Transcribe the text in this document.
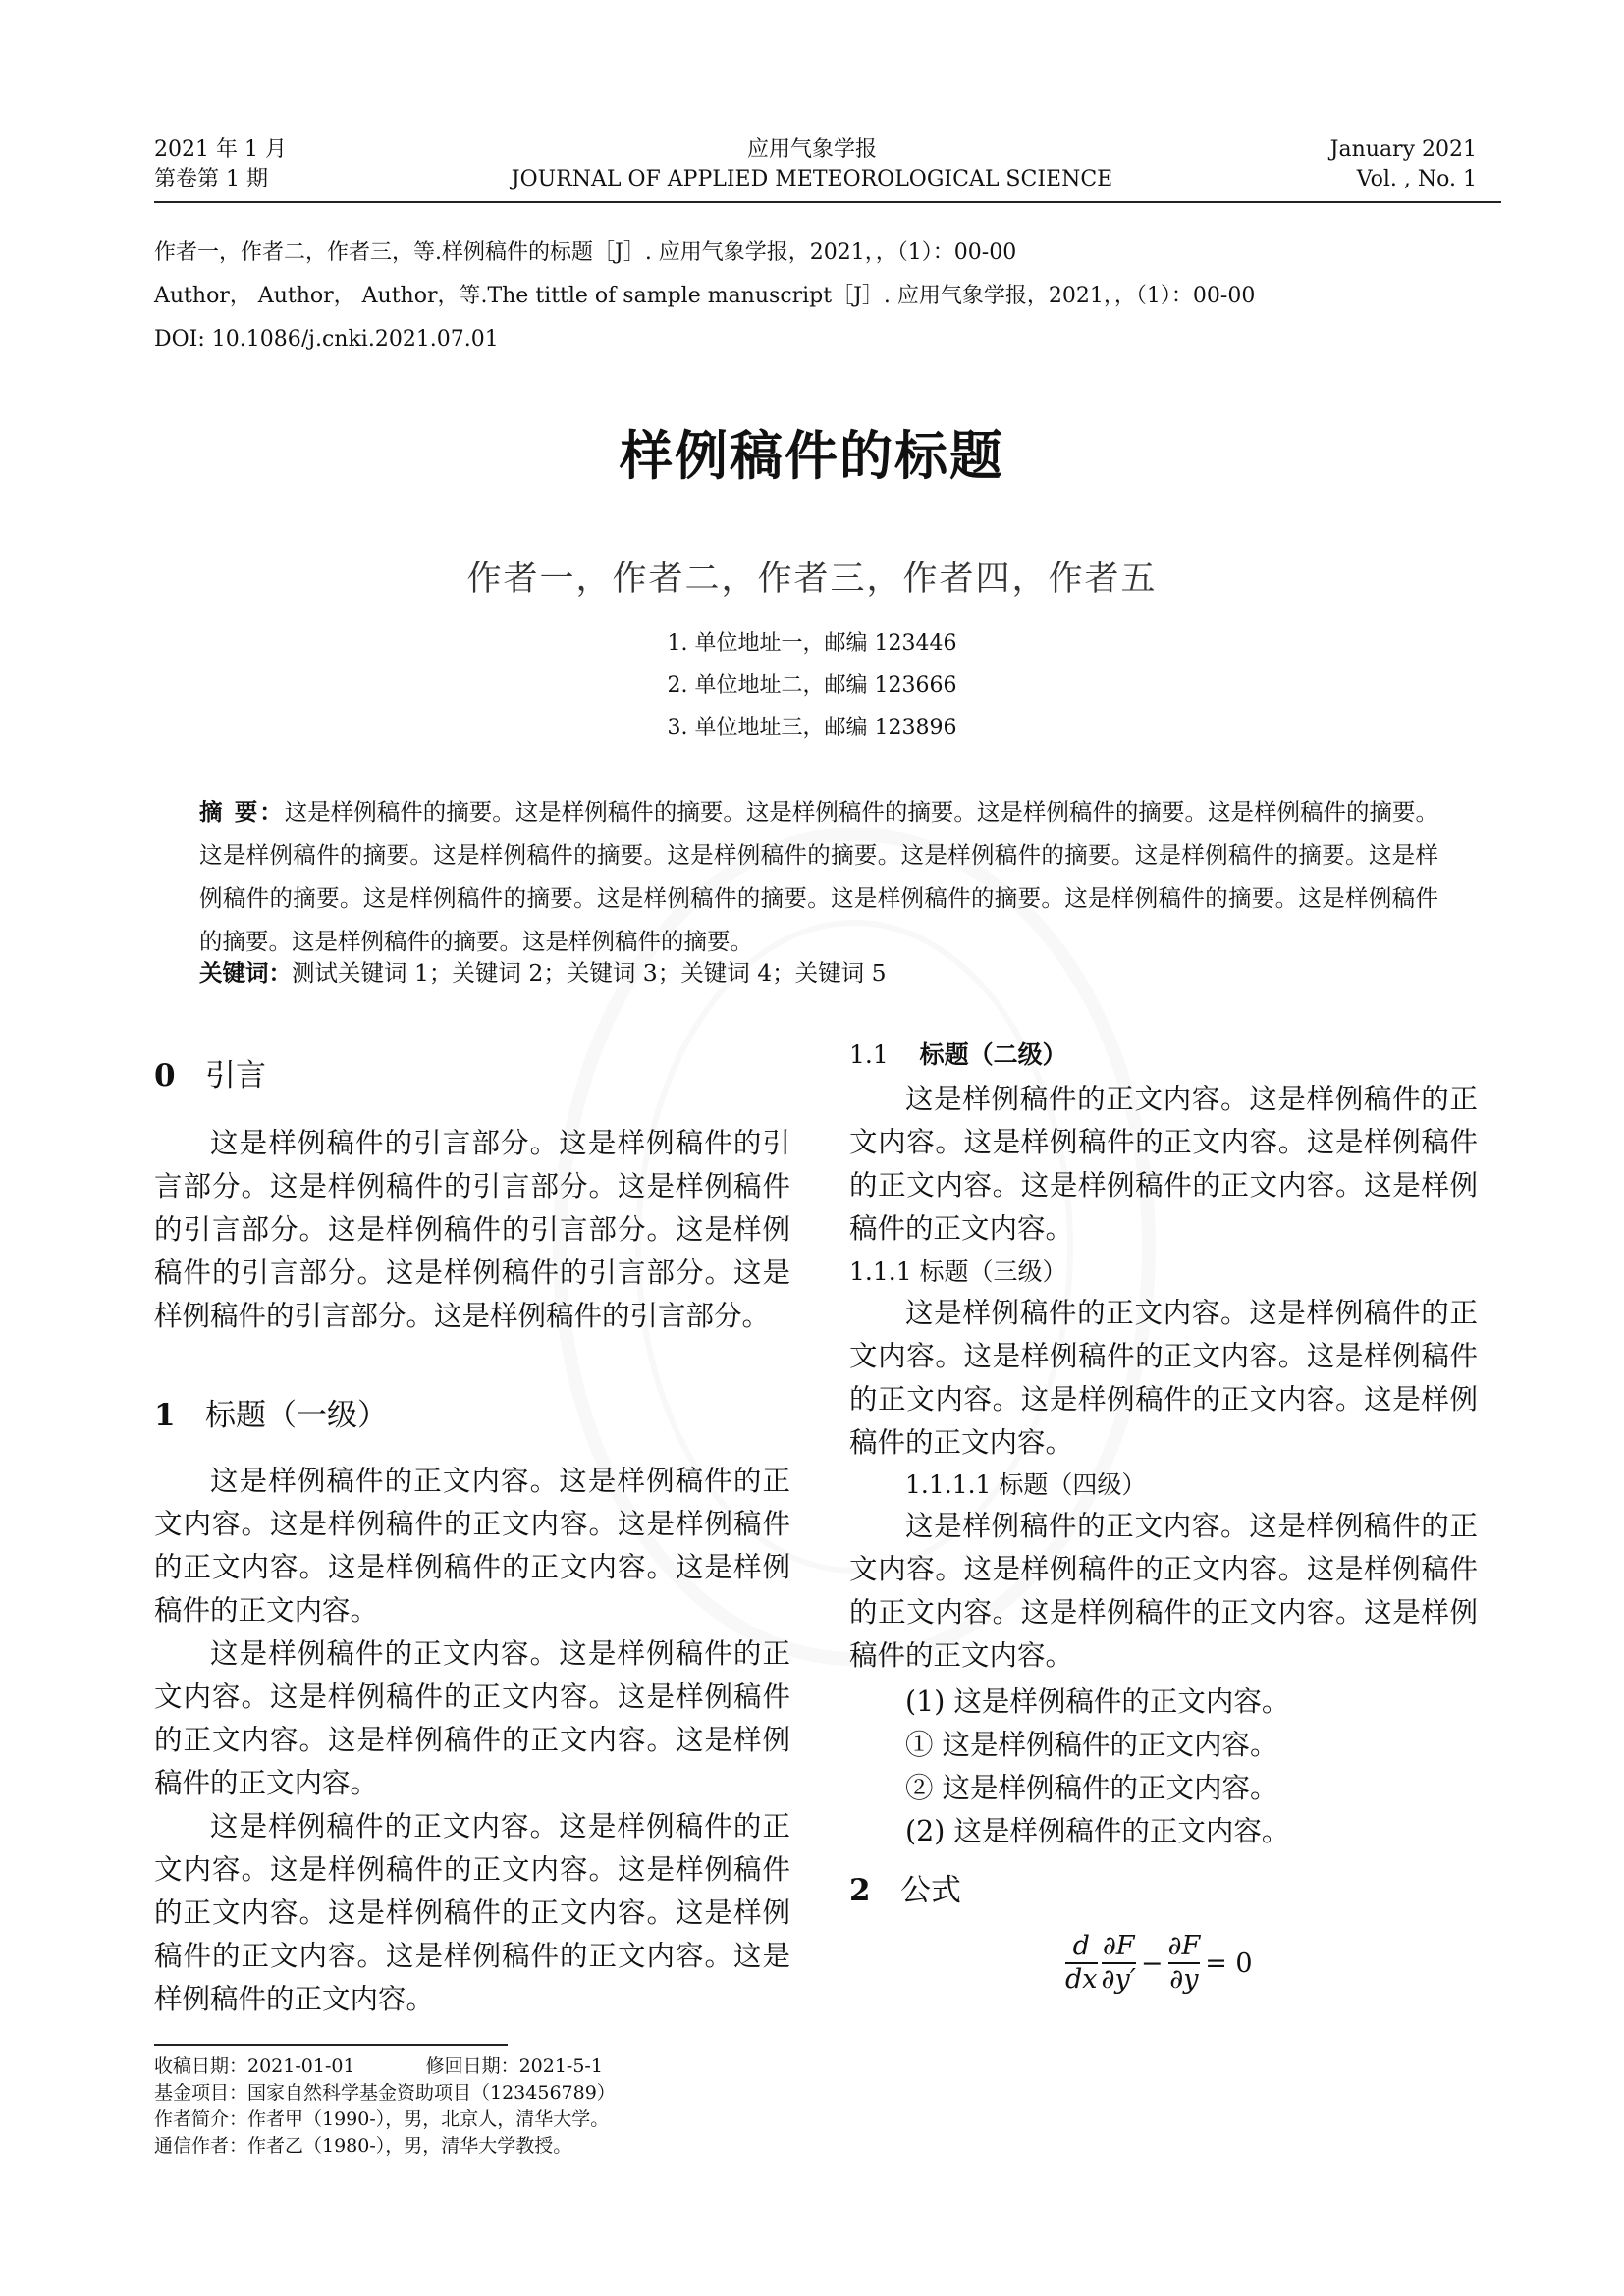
2021 年 1 月
第卷第 1 期
应用气象学报
JOURNAL OF APPLIED METEOROLOGICAL SCIENCE
January 2021
Vol. , No. 1
作者一，作者二，作者三，等.样例稿件的标题［J］. 应用气象学报，2021，，（1）：00-00
Author， Author， Author，等.The tittle of sample manuscript［J］. 应用气象学报，2021，，（1）：00-00
DOI: 10.1086/j.cnki.2021.07.01
样例稿件的标题
作者一，作者二，作者三，作者四，作者五
1. 单位地址一，邮编 123446
2. 单位地址二，邮编 123666
3. 单位地址三，邮编 123896
摘 要：这是样例稿件的摘要。这是样例稿件的摘要。这是样例稿件的摘要。这是样例稿件的摘要。这是样例稿件的摘要。这是样例稿件的摘要。这是样例稿件的摘要。这是样例稿件的摘要。这是样例稿件的摘要。这是样例稿件的摘要。这是样例稿件的摘要。这是样例稿件的摘要。这是样例稿件的摘要。这是样例稿件的摘要。这是样例稿件的摘要。这是样例稿件的摘要。这是样例稿件的摘要。这是样例稿件的摘要。
关键词：测试关键词 1；关键词 2；关键词 3；关键词 4；关键词 5
0 引言
这是样例稿件的引言部分。这是样例稿件的引言部分。这是样例稿件的引言部分。这是样例稿件的引言部分。这是样例稿件的引言部分。这是样例稿件的引言部分。这是样例稿件的引言部分。这是样例稿件的引言部分。这是样例稿件的引言部分。
1 标题（一级）
这是样例稿件的正文内容。这是样例稿件的正文内容。这是样例稿件的正文内容。这是样例稿件的正文内容。这是样例稿件的正文内容。这是样例稿件的正文内容。
这是样例稿件的正文内容。这是样例稿件的正文内容。这是样例稿件的正文内容。这是样例稿件的正文内容。这是样例稿件的正文内容。这是样例稿件的正文内容。
这是样例稿件的正文内容。这是样例稿件的正文内容。这是样例稿件的正文内容。这是样例稿件的正文内容。这是样例稿件的正文内容。这是样例稿件的正文内容。这是样例稿件的正文内容。这是样例稿件的正文内容。
1.1 标题（二级）
这是样例稿件的正文内容。这是样例稿件的正文内容。这是样例稿件的正文内容。这是样例稿件的正文内容。这是样例稿件的正文内容。这是样例稿件的正文内容。
1.1.1 标题（三级）
这是样例稿件的正文内容。这是样例稿件的正文内容。这是样例稿件的正文内容。这是样例稿件的正文内容。这是样例稿件的正文内容。这是样例稿件的正文内容。
1.1.1.1 标题（四级）
这是样例稿件的正文内容。这是样例稿件的正文内容。这是样例稿件的正文内容。这是样例稿件的正文内容。这是样例稿件的正文内容。这是样例稿件的正文内容。
(1) 这是样例稿件的正文内容。
① 这是样例稿件的正文内容。
② 这是样例稿件的正文内容。
(2) 这是样例稿件的正文内容。
2 公式
$\frac{d}{dx} \frac{\partial F}{\partial y'} - \frac{\partial F}{\partial y} = 0$
收稿日期：2021-01-01	修回日期：2021-5-1
基金项目：国家自然科学基金资助项目（123456789）
作者简介：作者甲（1990-），男，北京人，清华大学。
通信作者：作者乙（1980-），男，清华大学教授。
